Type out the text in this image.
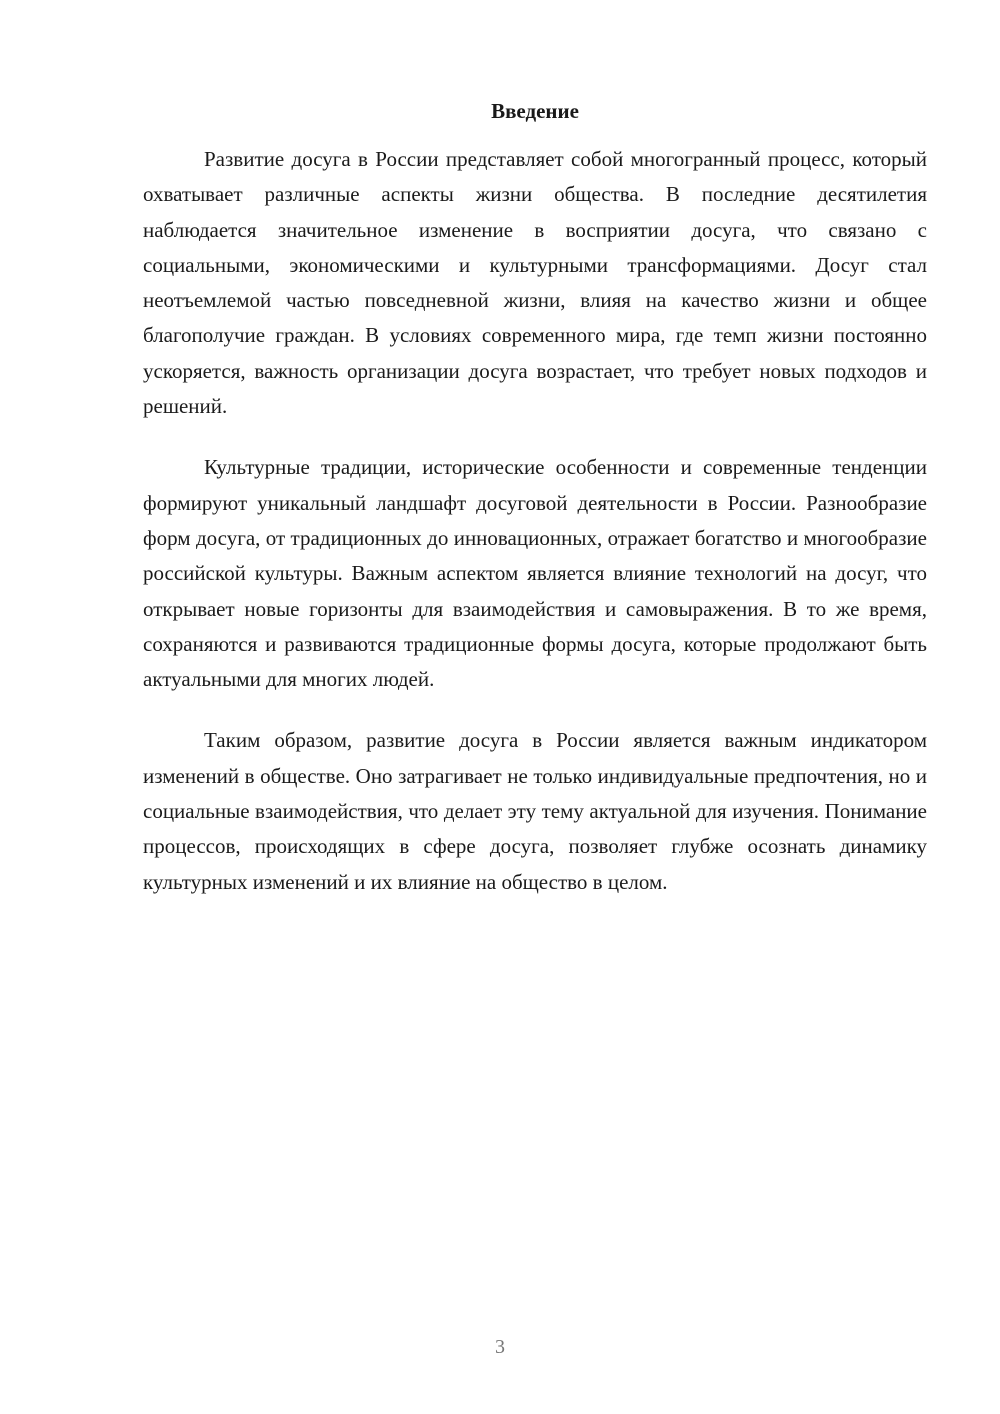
Введение

Развитие досуга в России представляет собой многогранный процесс, который охватывает различные аспекты жизни общества. В последние десятилетия наблюдается значительное изменение в восприятии досуга, что связано с социальными, экономическими и культурными трансформациями. Досуг стал неотъемлемой частью повседневной жизни, влияя на качество жизни и общее благополучие граждан. В условиях современного мира, где темп жизни постоянно ускоряется, важность организации досуга возрастает, что требует новых подходов и решений.

Культурные традиции, исторические особенности и современные тенденции формируют уникальный ландшафт досуговой деятельности в России. Разнообразие форм досуга, от традиционных до инновационных, отражает богатство и многообразие российской культуры. Важным аспектом является влияние технологий на досуг, что открывает новые горизонты для взаимодействия и самовыражения. В то же время, сохраняются и развиваются традиционные формы досуга, которые продолжают быть актуальными для многих людей.

Таким образом, развитие досуга в России является важным индикатором изменений в обществе. Оно затрагивает не только индивидуальные предпочтения, но и социальные взаимодействия, что делает эту тему актуальной для изучения. Понимание процессов, происходящих в сфере досуга, позволяет глубже осознать динамику культурных изменений и их влияние на общество в целом.

3
